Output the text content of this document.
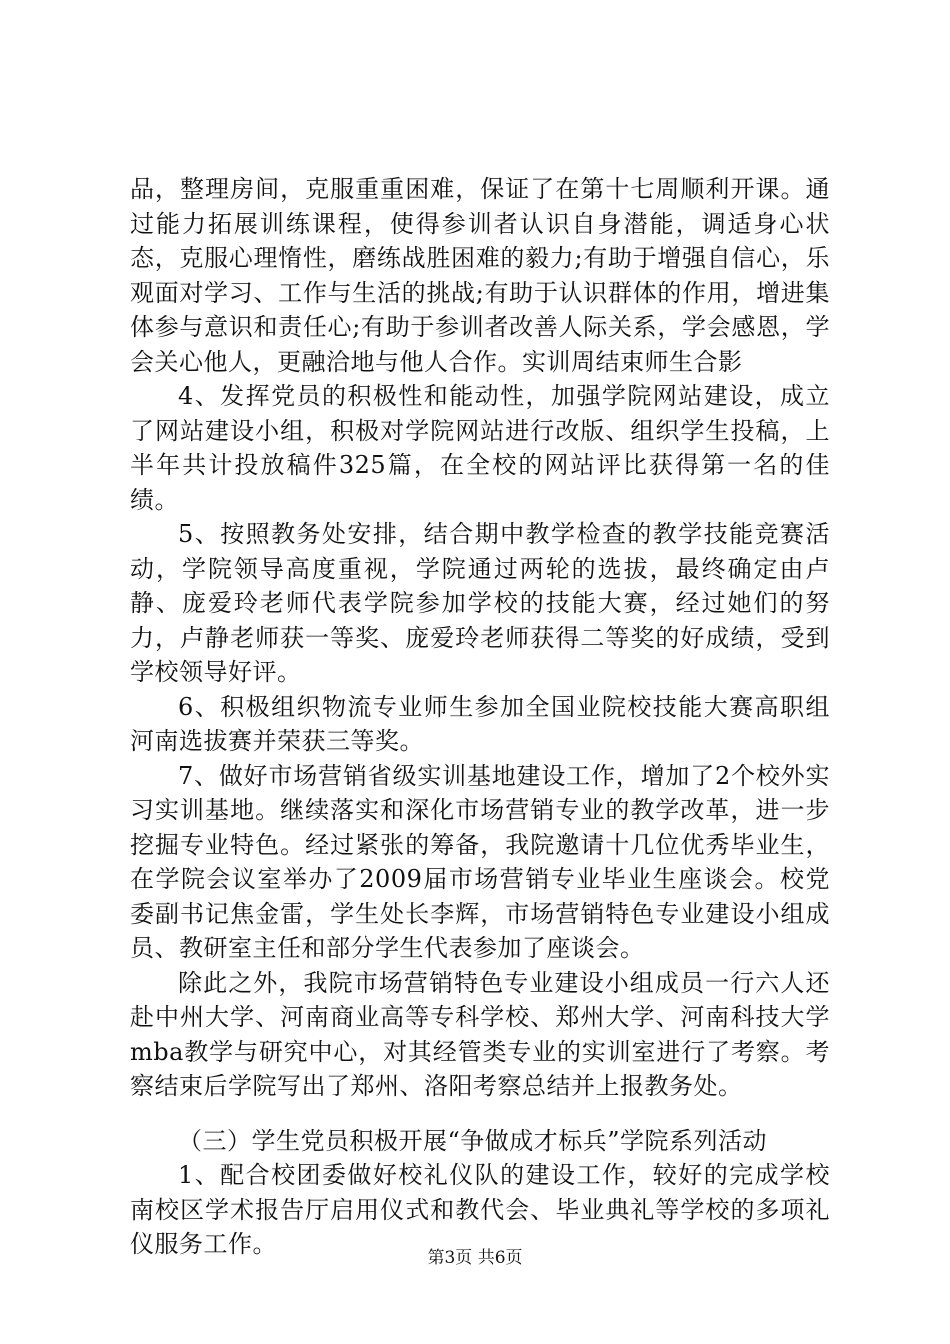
品，整理房间，克服重重困难，保证了在第十七周顺利开课。通过能力拓展训练课程，使得参训者认识自身潜能，调适身心状态，克服心理惰性，磨练战胜困难的毅力;有助于增强自信心，乐观面对学习、工作与生活的挑战;有助于认识群体的作用，增进集体参与意识和责任心;有助于参训者改善人际关系，学会感恩，学会关心他人，更融洽地与他人合作。实训周结束师生合影

4、发挥党员的积极性和能动性，加强学院网站建设，成立了网站建设小组，积极对学院网站进行改版、组织学生投稿，上半年共计投放稿件325篇，在全校的网站评比获得第一名的佳绩。

5、按照教务处安排，结合期中教学检查的教学技能竞赛活动，学院领导高度重视，学院通过两轮的选拔，最终确定由卢静、庞爱玲老师代表学院参加学校的技能大赛，经过她们的努力，卢静老师获一等奖、庞爱玲老师获得二等奖的好成绩，受到学校领导好评。

6、积极组织物流专业师生参加全国业院校技能大赛高职组河南选拔赛并荣获三等奖。

7、做好市场营销省级实训基地建设工作，增加了2个校外实习实训基地。继续落实和深化市场营销专业的教学改革，进一步挖掘专业特色。经过紧张的筹备，我院邀请十几位优秀毕业生，在学院会议室举办了2009届市场营销专业毕业生座谈会。校党委副书记焦金雷，学生处长李辉，市场营销特色专业建设小组成员、教研室主任和部分学生代表参加了座谈会。

除此之外，我院市场营销特色专业建设小组成员一行六人还赴中州大学、河南商业高等专科学校、郑州大学、河南科技大学mba教学与研究中心，对其经管类专业的实训室进行了考察。考察结束后学院写出了郑州、洛阳考察总结并上报教务处。

（三）学生党员积极开展“争做成才标兵”学院系列活动

1、配合校团委做好校礼仪队的建设工作，较好的完成学校南校区学术报告厅启用仪式和教代会、毕业典礼等学校的多项礼仪服务工作。	第3页 共6页
